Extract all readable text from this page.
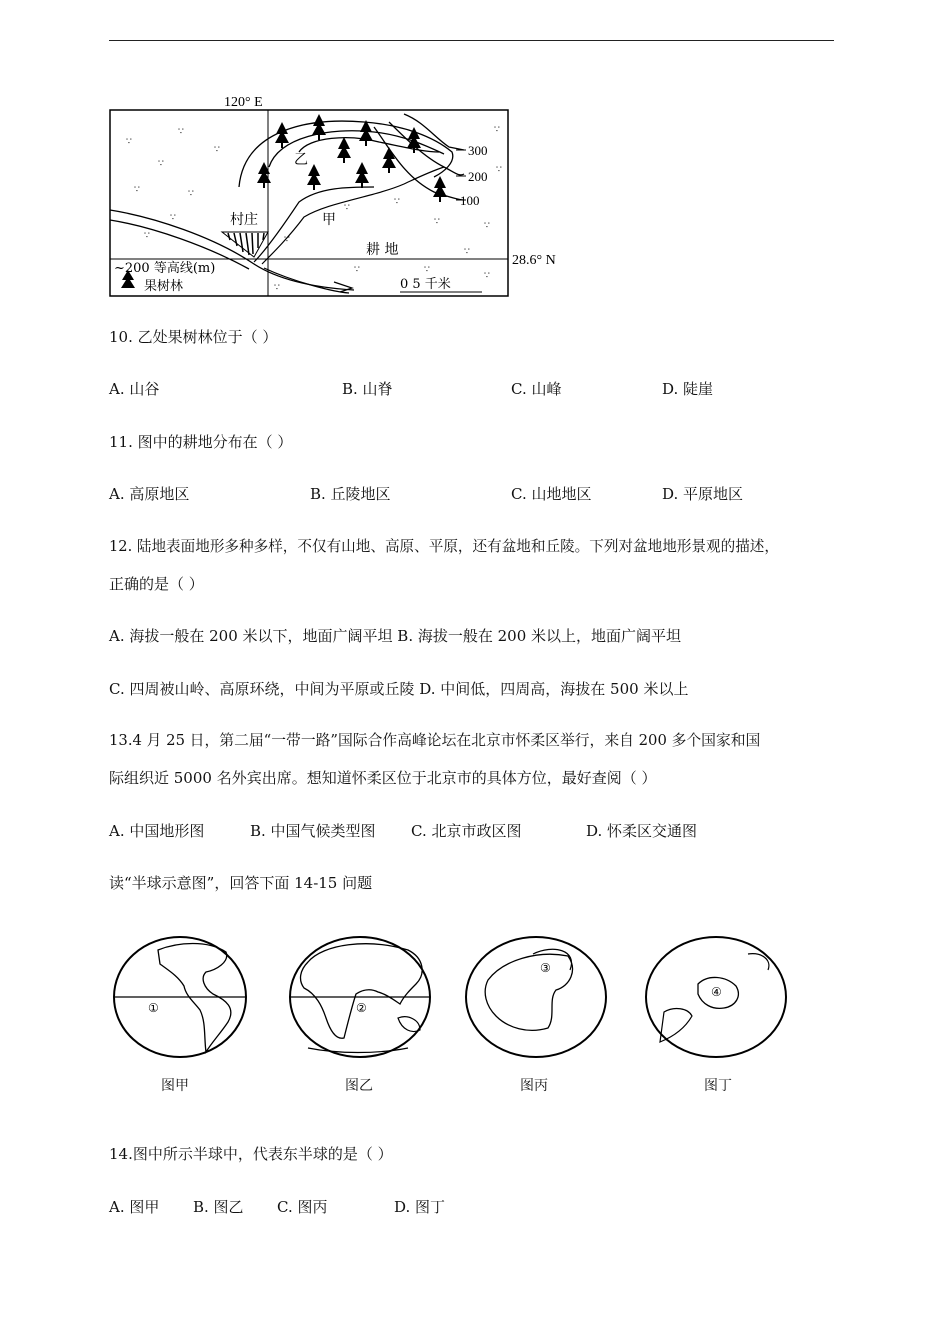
120° E
28.6° N
300
200
100
村庄
乙
甲
耕 地
∵
∵
∵
∵
∵	∵
∵
∵
∵
∵
∵
∵	∵
∵
∵	∵
∵
∵
∵
∵
~200 等高线(m)
果树林	0 5 千米
10. 乙处果树林位于（ ）
A. 山谷	B. 山脊	C. 山峰	D. 陡崖
11. 图中的耕地分布在（ ）
A. 高原地区	B. 丘陵地区	C. 山地地区	D. 平原地区
12. 陆地表面地形多种多样，不仅有山地、高原、平原，还有盆地和丘陵。下列对盆地地形景观的描述，
正确的是（ ）
A. 海拔一般在 200 米以下，地面广阔平坦 B. 海拔一般在 200 米以上，地面广阔平坦
C. 四周被山岭、高原环绕，中间为平原或丘陵 D. 中间低，四周高，海拔在 500 米以上
13.4 月 25 日，第二届“一带一路”国际合作高峰论坛在北京市怀柔区举行，来自 200 多个国家和国
际组织近 5000 名外宾出席。想知道怀柔区位于北京市的具体方位，最好查阅（ ）
A. 中国地形图	B. 中国气候类型图 C. 北京市政区图	D. 怀柔区交通图
读“半球示意图”，回答下面 14-15 问题
①	②
③
④
图甲	图乙	图丙	图丁
14.图中所示半球中，代表东半球的是（ ）
A. 图甲 B. 图乙 C. 图丙	D. 图丁
